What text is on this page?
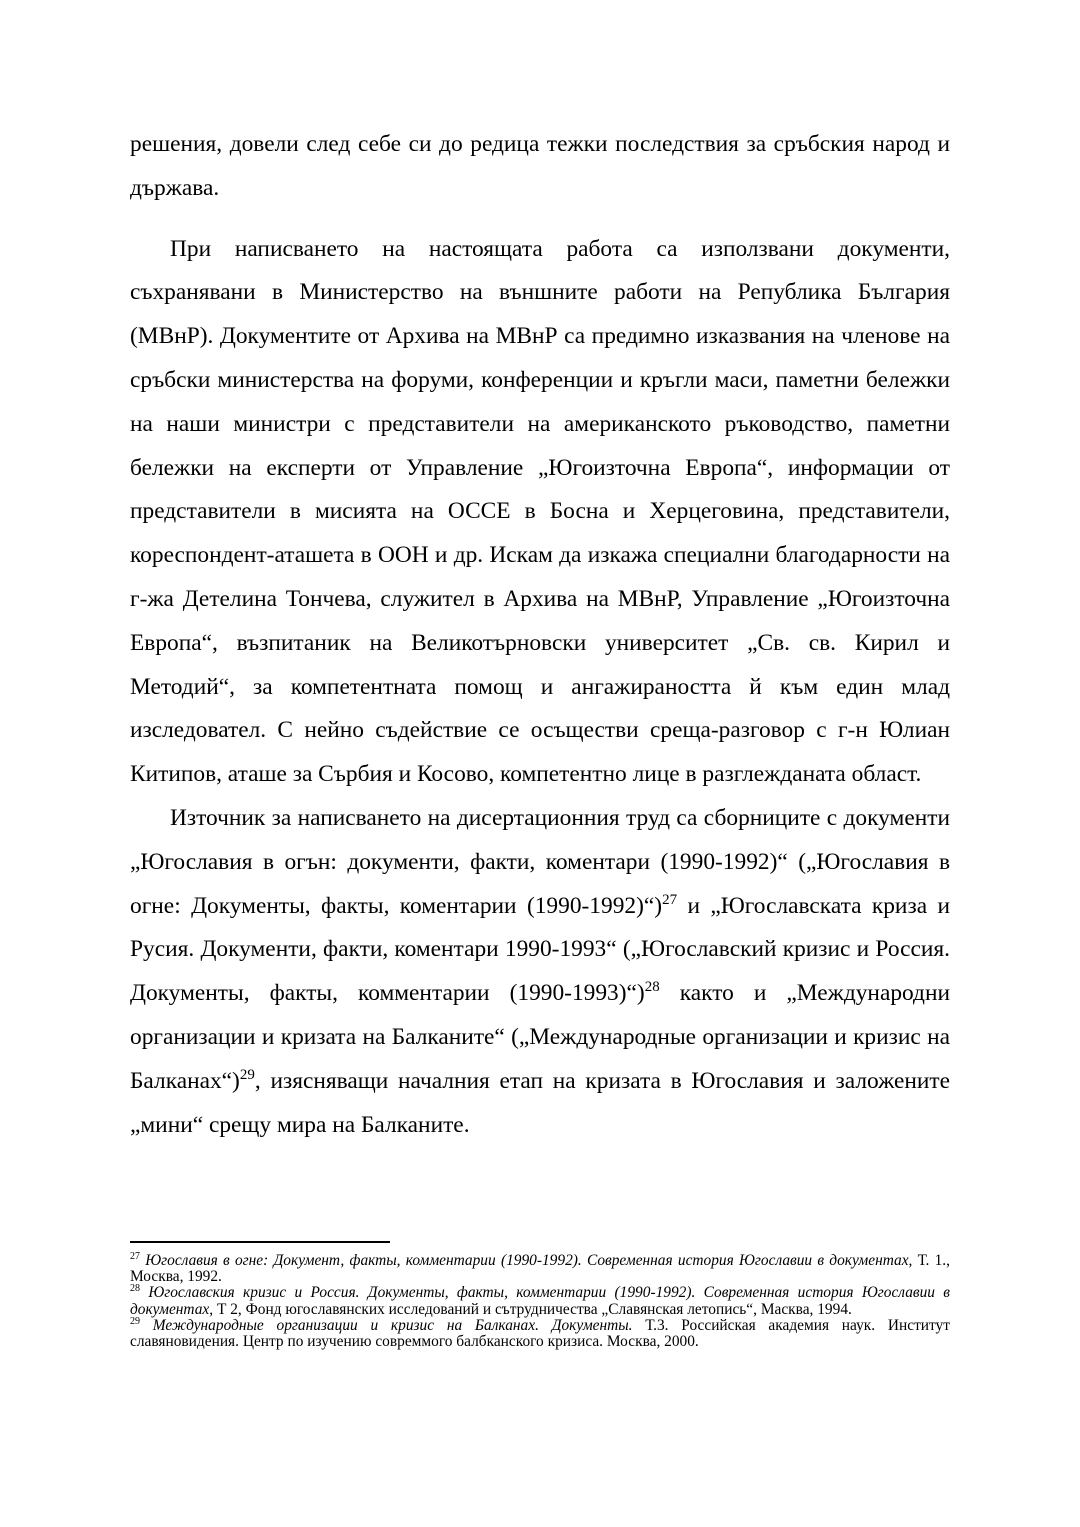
решения, довели след себе си до редица тежки последствия за сръбския народ и държава.

При написването на настоящата работа са използвани документи, съхранявани в Министерство на външните работи на Република България (МВнР). Документите от Архива на МВнР са предимно изказвания на членове на сръбски министерства на форуми, конференции и кръгли маси, паметни бележки на наши министри с представители на американското ръководство, паметни бележки на експерти от Управление „Югоизточна Европа“, информации от представители в мисията на ОССЕ в Босна и Херцеговина, представители, кореспондент-аташета в ООН и др. Искам да изкажа специални благодарности на г-жа Детелина Тончева, служител в Архива на МВнР, Управление „Югоизточна Европа“, възпитаник на Великотърновски университет „Св. св. Кирил и Методий“, за компетентната помощ и ангажираността й към един млад изследовател. С нейно съдействие се осъществи среща-разговор с г-н Юлиан Китипов, аташе за Сърбия и Косово, компетентно лице в разглежданата област.

Източник за написването на дисертационния труд са сборниците с документи „Югославия в огън: документи, факти, коментари (1990-1992)“ („Югославия в огне: Документы, факты, коментарии (1990-1992)“)$^{27}$ и „Югославската криза и Русия. Документи, факти, коментари 1990-1993“ („Югославский кризис и Россия. Документы, факты, комментарии (1990-1993)“)$^{28}$ както и „Международни организации и кризата на Балканите“ („Международные организации и кризис на Балканах“)$^{29}$, изясняващи началния етап на кризата в Югославия и заложените „мини“ срещу мира на Балканите.

$^{27}$ Югославия в огне: Документ, факты, комментарии (1990-1992). Современная история Югославии в документах, Т. 1., Москва, 1992.

$^{28}$ Югославския кризис и Россия. Документы, факты, комментарии (1990-1992). Современная история Югославии в документах, Т 2, Фонд югославянских исследований и сътрудничества „Славянская летопись“, Масква, 1994.

$^{29}$ Международные организации и кризис на Балканах. Документы. Т.3. Российская академия наук. Институт славяновидения. Центр по изучению совреммого балбканского кризиса. Москва, 2000.
